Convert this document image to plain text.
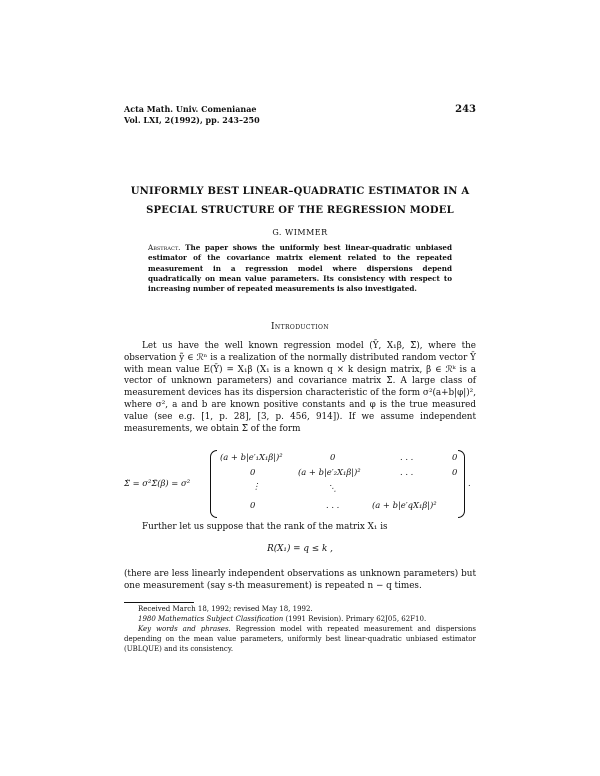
Acta Math. Univ. Comenianae
Vol. LXI, 2(1992), pp. 243–250
243
UNIFORMLY BEST LINEAR–QUADRATIC ESTIMATOR IN A
SPECIAL STRUCTURE OF THE REGRESSION MODEL
G. WIMMER
Abstract. The paper shows the uniformly best linear-quadratic unbiased estimator of the covariance matrix element related to the repeated measurement in a regression model where dispersions depend quadratically on mean value parameters. Its consistency with respect to increasing number of repeated measurements is also investigated.
Introduction
Let us have the well known regression model (Ỹ, X₁β, Σ̃), where the observation ỹ ∈ ℛⁿ is a realization of the normally distributed random vector Ỹ with mean value E(Ỹ) = X₁β (X₁ is a known q × k design matrix, β ∈ ℛᵏ is a vector of unknown parameters) and covariance matrix Σ̃. A large class of measurement devices has its dispersion characteristic of the form σ²(a+b|φ|)², where σ², a and b are known positive constants and φ is the true measured value (see e.g. [1, p. 28], [3, p. 456, 914]). If we assume independent measurements, we obtain Σ̃ of the form
Σ̃ = σ²Σ̃(β) = σ²
(a + b|e′₁X₁β|)²	0	. . .	0
0	(a + b|e′₂X₁β|)²	. . .	0
⋮	⋱
0	. . .	(a + b|e′qX₁β|)²
.
Further let us suppose that the rank of the matrix X₁ is
R(X₁) = q ≤ k ,
(there are less linearly independent observations as unknown parameters) but one measurement (say s-th measurement) is repeated n − q times.

Received March 18, 1992; revised May 18, 1992.

1980 Mathematics Subject Classification (1991 Revision). Primary 62J05, 62F10.

Key words and phrases. Regression model with repeated measurement and dispersions depending on the mean value parameters, uniformly best linear-quadratic unbiased estimator (UBLQUE) and its consistency.
